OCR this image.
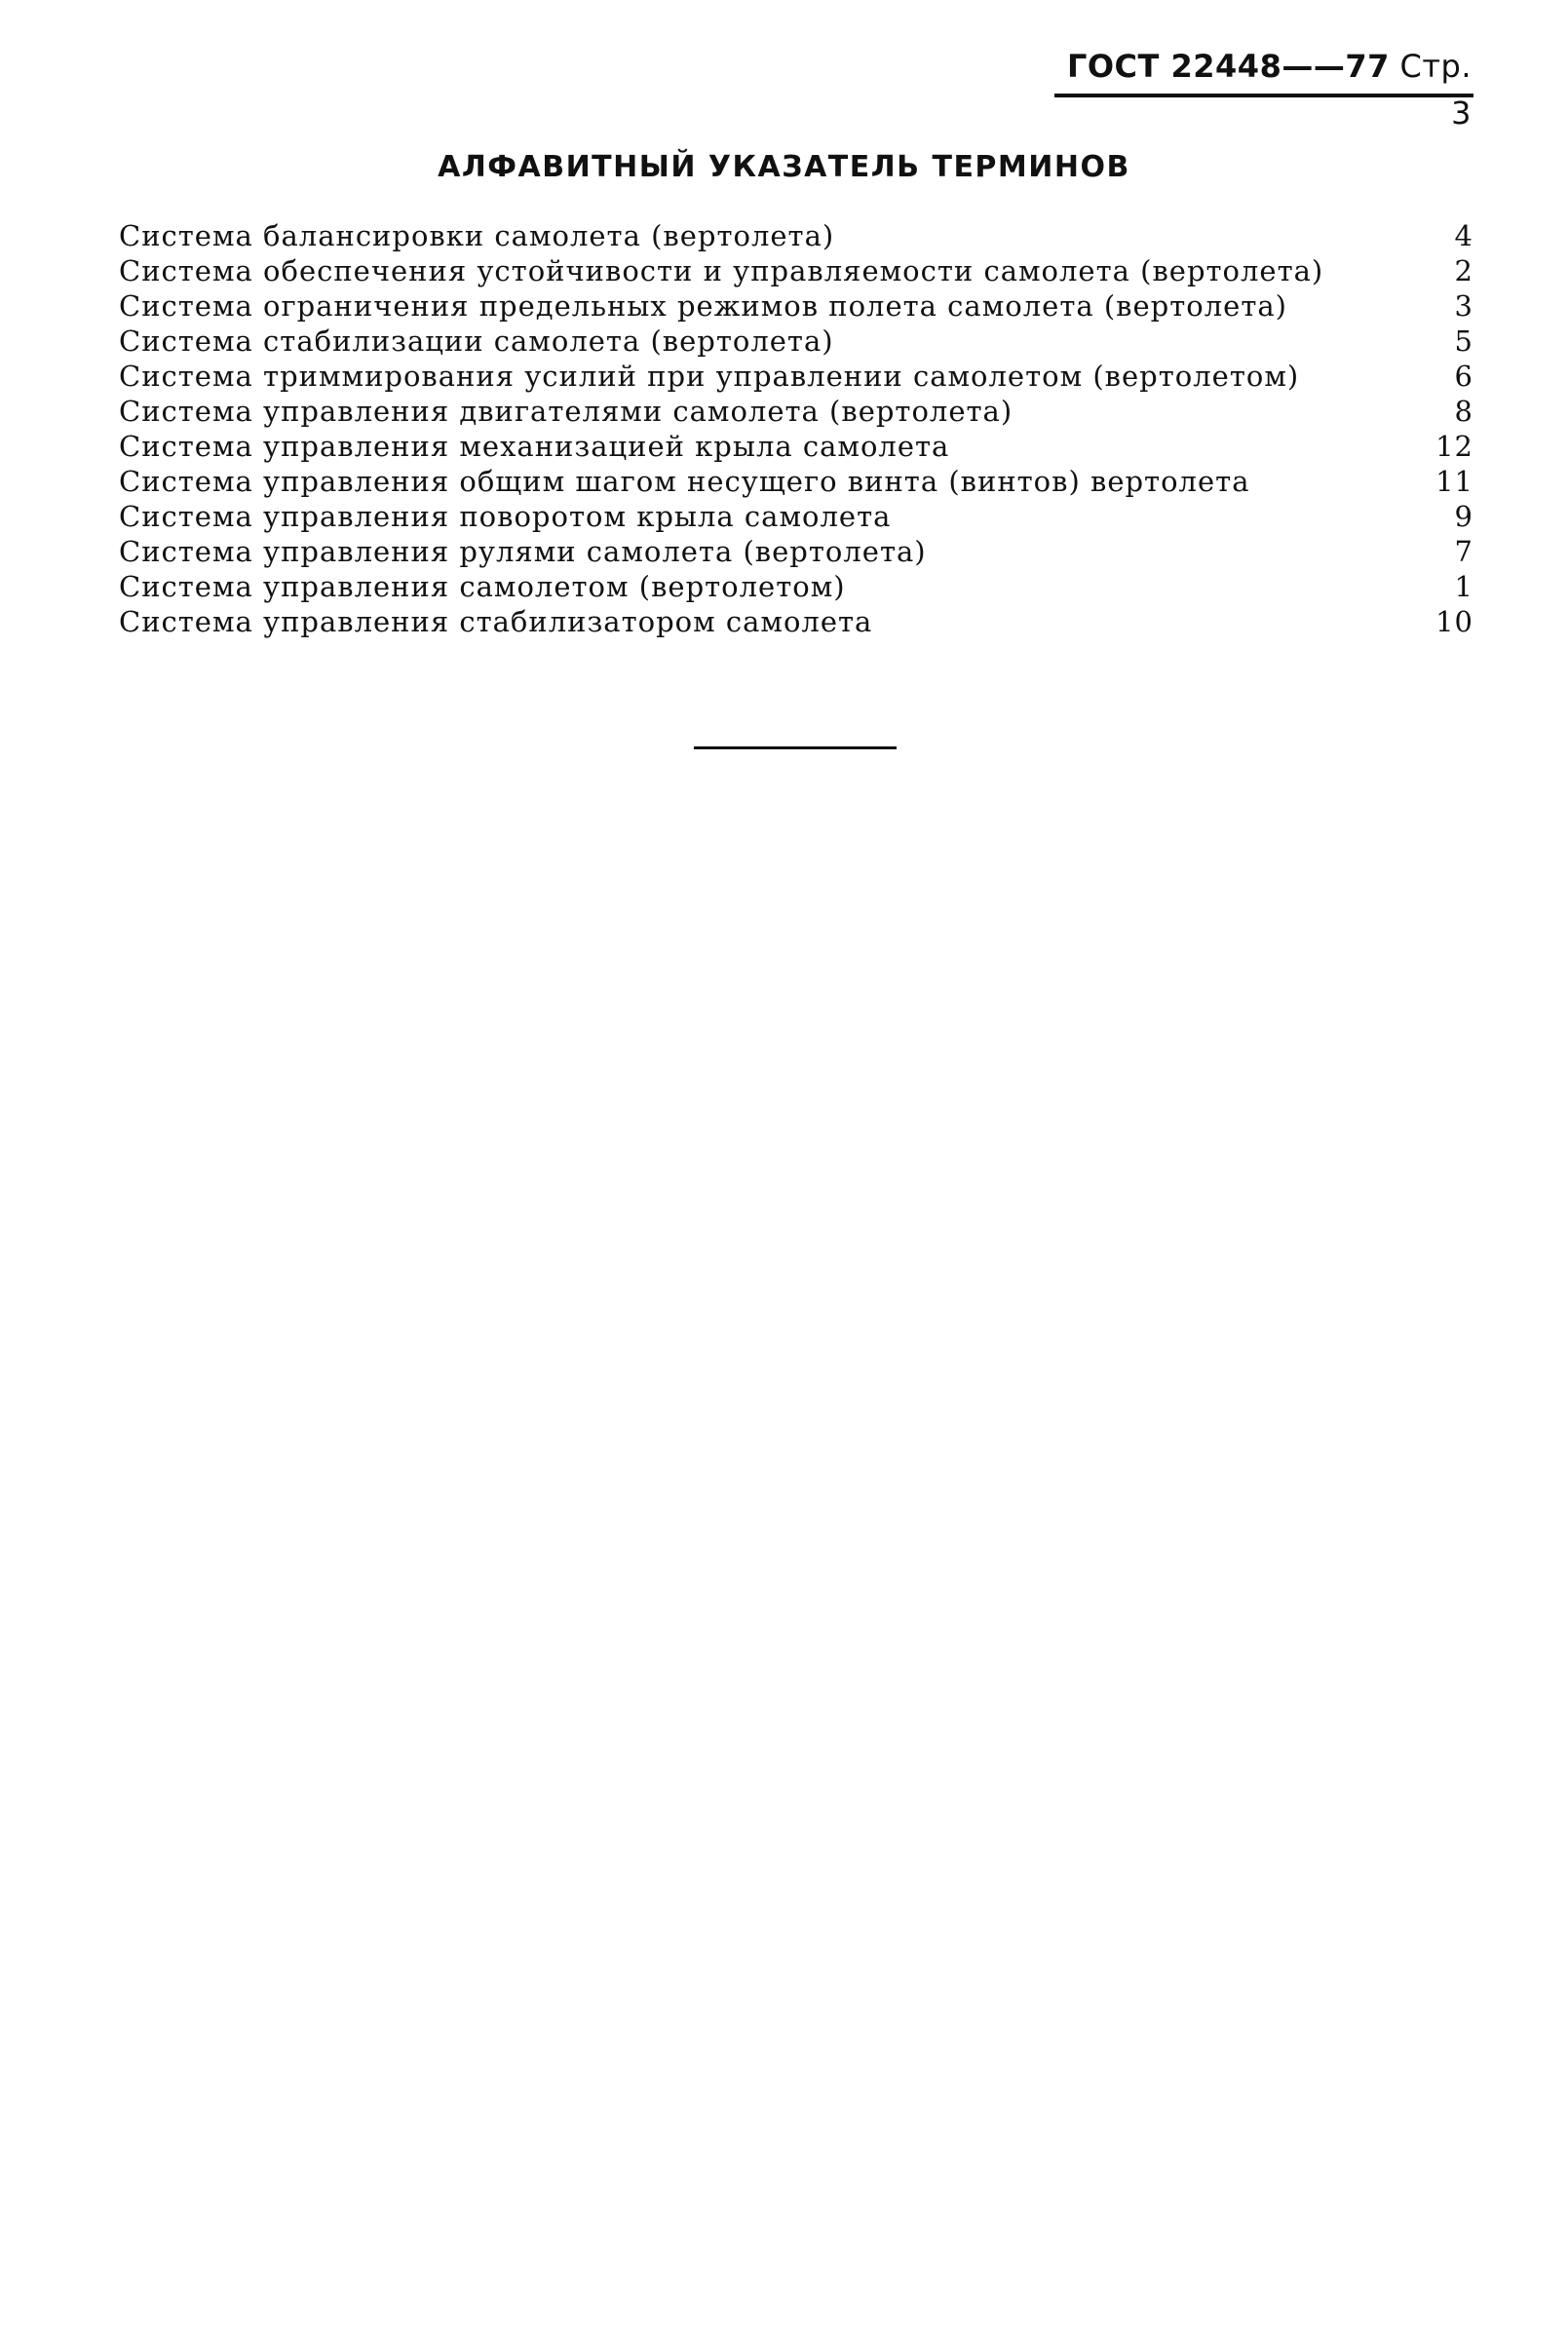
ГОСТ 22448——77 Стр. 3
АЛФАВИТНЫЙ УКАЗАТЕЛЬ ТЕРМИНОВ
Система балансировки самолета (вертолета)	4
Система обеспечения устойчивости и управляемости самолета (вертолета)	2
Система ограничения предельных режимов полета самолета (вертолета)	3
Система стабилизации самолета (вертолета)	5
Система триммирования усилий при управлении самолетом (вертолетом)	6
Система управления двигателями самолета (вертолета)	8
Система управления механизацией крыла самолета	12
Система управления общим шагом несущего винта (винтов) вертолета	11
Система управления поворотом крыла самолета	9
Система управления рулями самолета (вертолета)	7
Система управления самолетом (вертолетом)	1
Система управления стабилизатором самолета	10
